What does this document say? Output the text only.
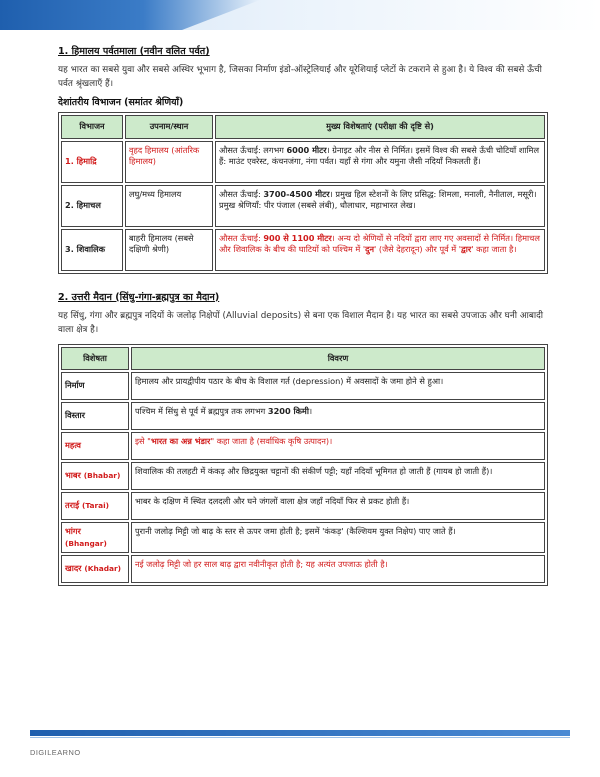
1. हिमालय पर्वतमाला (नवीन वलित पर्वत)

यह भारत का सबसे युवा और सबसे अस्थिर भूभाग है, जिसका निर्माण इंडो-ऑस्ट्रेलियाई और यूरेशियाई प्लेटों के टकराने से हुआ है। ये विश्व की सबसे ऊँची पर्वत श्रृंखलाएँ हैं।

देशांतरीय विभाजन (समांतर श्रेणियाँ)
विभाजन	उपनाम/स्थान	मुख्य विशेषताएं (परीक्षा की दृष्टि से)
1. हिमाद्रि	वृहद हिमालय (आंतरिक हिमालय)	औसत ऊँचाई: लगभग 6000 मीटर। ग्रेनाइट और नीस से निर्मित। इसमें विश्व की सबसे ऊँची चोटियाँ शामिल हैं: माउंट एवरेस्ट, कंचनजंगा, नंगा पर्वत। यहाँ से गंगा और यमुना जैसी नदियाँ निकलती हैं।
2. हिमाचल	लघु/मध्य हिमालय	औसत ऊँचाई: 3700-4500 मीटर। प्रमुख हिल स्टेशनों के लिए प्रसिद्ध: शिमला, मनाली, नैनीताल, मसूरी। प्रमुख श्रेणियाँ: पीर पंजाल (सबसे लंबी), धौलाधार, महाभारत लेख।
3. शिवालिक	बाहरी हिमालय (सबसे दक्षिणी श्रेणी)	औसत ऊँचाई: 900 से 1100 मीटर। अन्य दो श्रेणियों से नदियों द्वारा लाए गए अवसादों से निर्मित। हिमाचल और शिवालिक के बीच की घाटियों को पश्चिम में 'दुन' (जैसे देहरादून) और पूर्व में 'द्वार' कहा जाता है।
2. उत्तरी मैदान (सिंधु-गंगा-ब्रह्मपुत्र का मैदान)

यह सिंधु, गंगा और ब्रह्मपुत्र नदियों के जलोढ़ निक्षेपों (Alluvial deposits) से बना एक विशाल मैदान है। यह भारत का सबसे उपजाऊ और घनी आबादी वाला क्षेत्र है।

विशेषता	विवरण
निर्माण	हिमालय और प्रायद्वीपीय पठार के बीच के विशाल गर्त (depression) में अवसादों के जमा होने से हुआ।
विस्तार	पश्चिम में सिंधु से पूर्व में ब्रह्मपुत्र तक लगभग 3200 किमी।
महत्व	इसे "भारत का अन्न भंडार" कहा जाता है (सर्वाधिक कृषि उत्पादन)।
भाबर (Bhabar)	शिवालिक की तलहटी में कंकड़ और छिद्रयुक्त चट्टानों की संकीर्ण पट्टी; यहाँ नदियाँ भूमिगत हो जाती हैं (गायब हो जाती हैं)।
तराई (Tarai)	भाबर के दक्षिण में स्थित दलदली और घने जंगलों वाला क्षेत्र जहाँ नदियाँ फिर से प्रकट होती हैं।
भांगर
(Bhangar)	पुरानी जलोढ़ मिट्टी जो बाढ़ के स्तर से ऊपर जमा होती है; इसमें 'कंकड़' (कैल्शियम युक्त निक्षेप) पाए जाते हैं।
खादर (Khadar)	नई जलोढ़ मिट्टी जो हर साल बाढ़ द्वारा नवीनीकृत होती है; यह अत्यंत उपजाऊ होती है।
DIGILEARNO
